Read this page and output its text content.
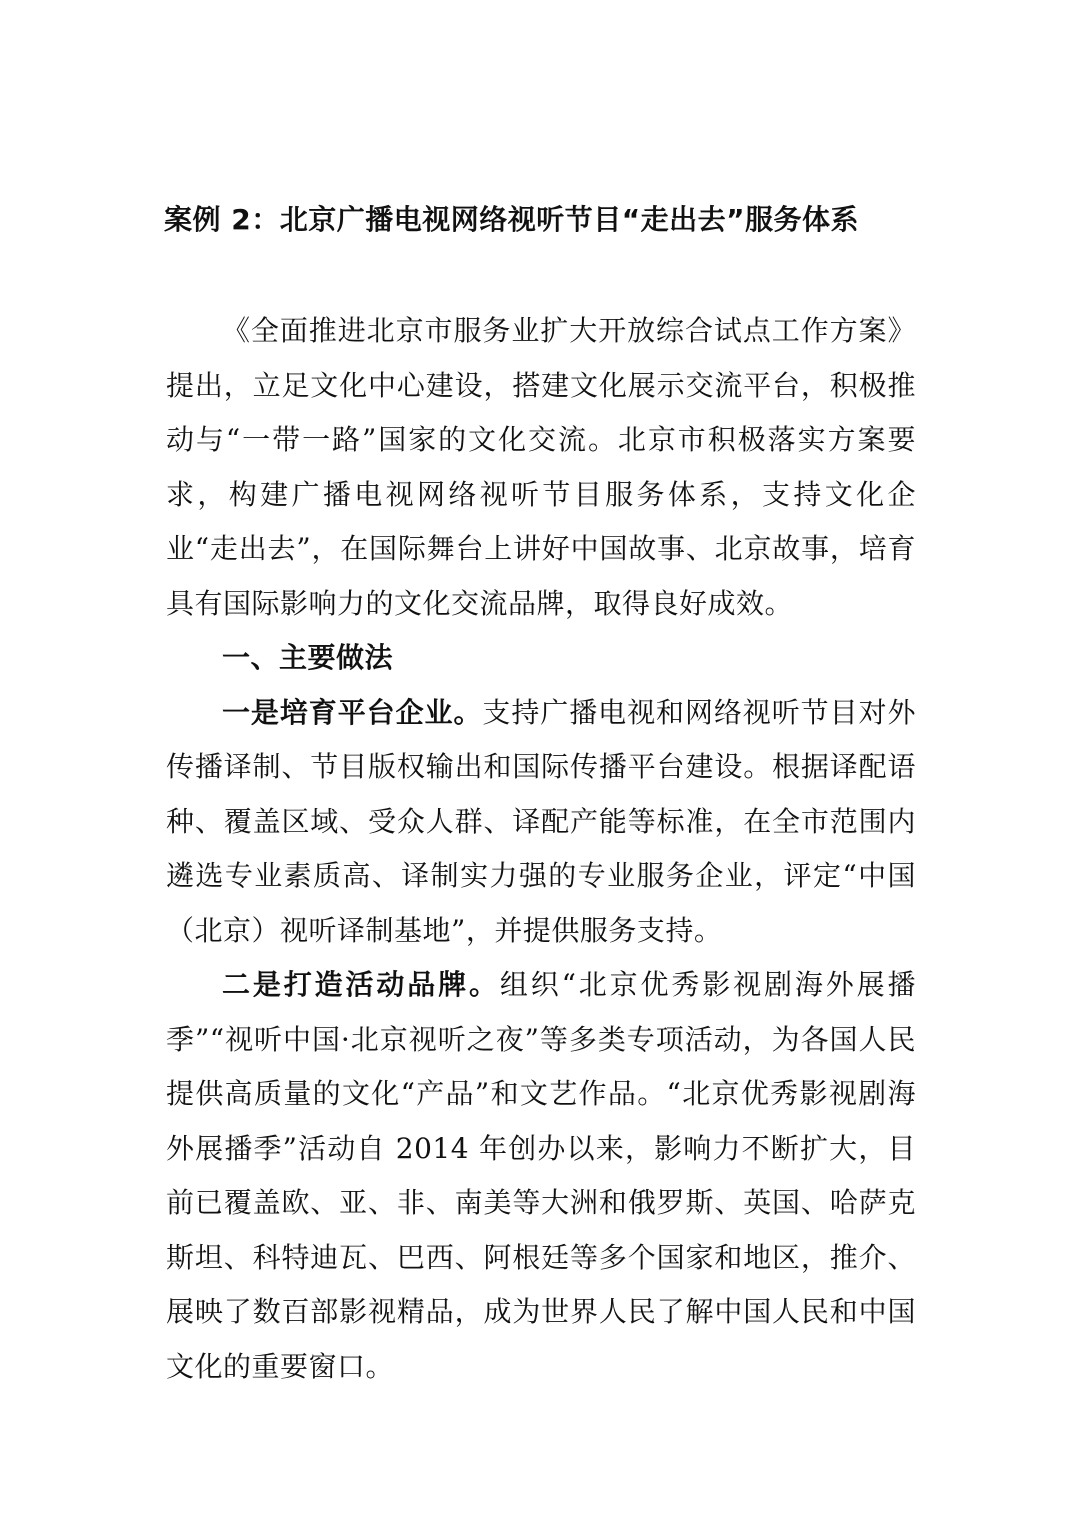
案例 2：北京广播电视网络视听节目“走出去”服务体系

《全面推进北京市服务业扩大开放综合试点工作方案》提出，立足文化中心建设，搭建文化展示交流平台，积极推动与“一带一路”国家的文化交流。北京市积极落实方案要求，构建广播电视网络视听节目服务体系，支持文化企业“走出去”，在国际舞台上讲好中国故事、北京故事，培育具有国际影响力的文化交流品牌，取得良好成效。

一、主要做法

一是培育平台企业。支持广播电视和网络视听节目对外传播译制、节目版权输出和国际传播平台建设。根据译配语种、覆盖区域、受众人群、译配产能等标准，在全市范围内遴选专业素质高、译制实力强的专业服务企业，评定“中国（北京）视听译制基地”，并提供服务支持。

二是打造活动品牌。组织“北京优秀影视剧海外展播季”“视听中国·北京视听之夜”等多类专项活动，为各国人民提供高质量的文化“产品”和文艺作品。“北京优秀影视剧海外展播季”活动自 2014 年创办以来，影响力不断扩大，目前已覆盖欧、亚、非、南美等大洲和俄罗斯、英国、哈萨克斯坦、科特迪瓦、巴西、阿根廷等多个国家和地区，推介、展映了数百部影视精品，成为世界人民了解中国人民和中国文化的重要窗口。
